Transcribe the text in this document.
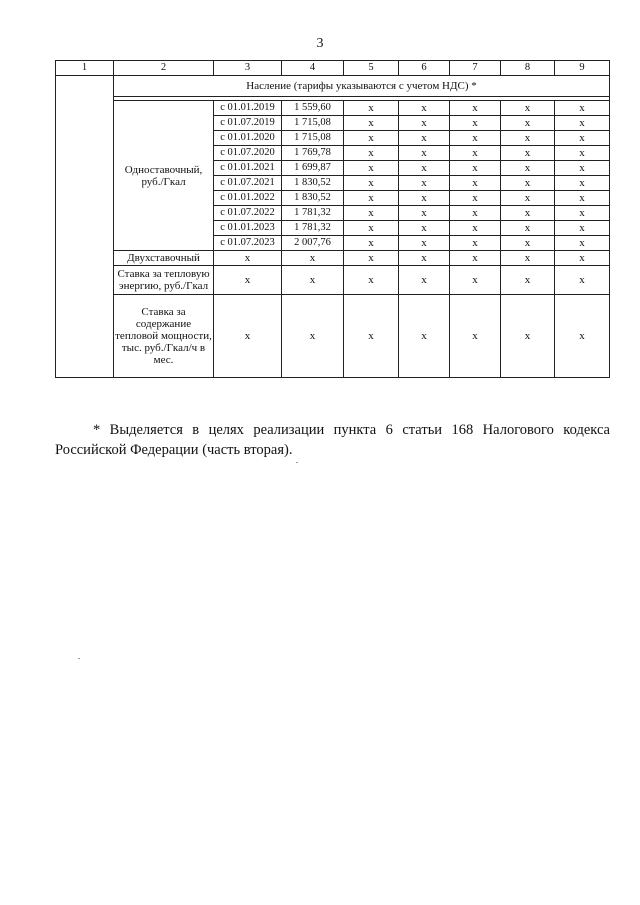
3
1	2	3	4	5	6	7	8	9
	Насление (тарифы указываются с учетом НДС) *							

	Одноставочный, руб./Гкал	с 01.01.2019	1 559,60	х	х	х	х	х
		с 01.07.2019	1 715,08	х	х	х	х	х
		с 01.01.2020	1 715,08	х	х	х	х	х
		с 01.07.2020	1 769,78	х	х	х	х	х
		с 01.01.2021	1 699,87	х	х	х	х	х
		с 01.07.2021	1 830,52	х	х	х	х	х
		с 01.01.2022	1 830,52	х	х	х	х	х
		с 01.07.2022	1 781,32	х	х	х	х	х
		с 01.01.2023	1 781,32	х	х	х	х	х
		с 01.07.2023	2 007,76	х	х	х	х	х
	Двухставочный	х	х	х	х	х	х	х
	Ставка за тепловую энергию, руб./Гкал	х	х	х	х	х	х	х
	Ставка за содержание тепловой мощности, тыс. руб./Гкал/ч в мес.	х	х	х	х	х	х	х

* Выделяется в целях реализации пункта 6 статьи 168 Налогового кодекса Российской Федерации (часть вторая).
